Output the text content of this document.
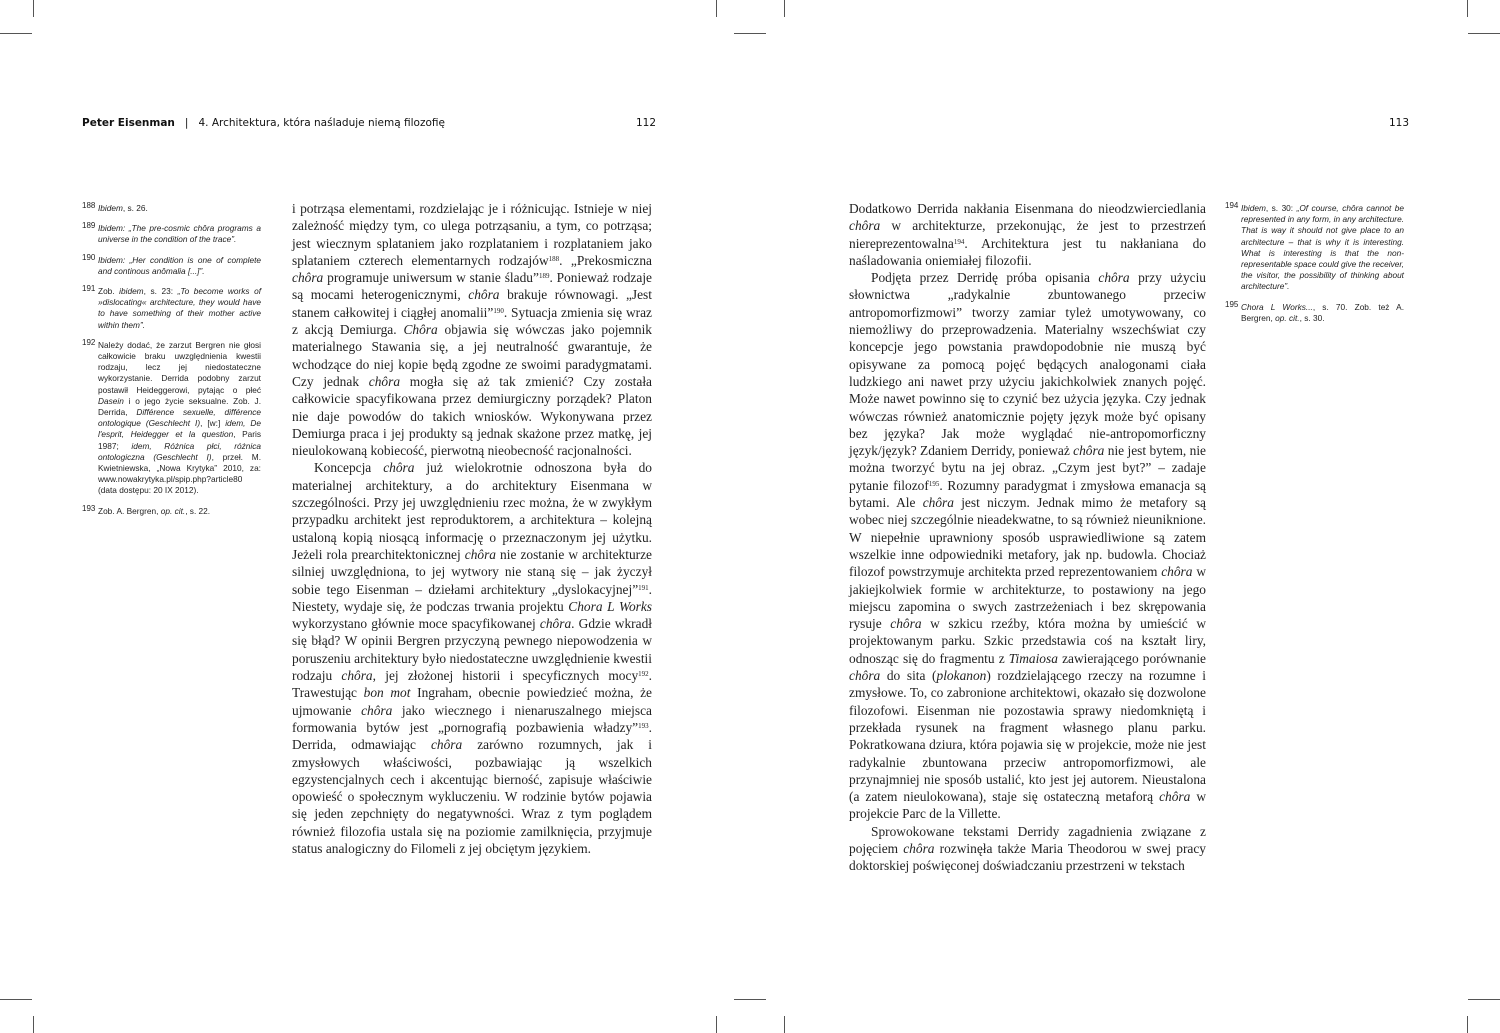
Peter Eisenman | 4. Architektura, która naśladuje niemą filozofię	112	113
188 Ibidem, s. 26.
189 Ibidem: „The pre-cosmic chôra programs a universe in the condition of the trace”.
190 Ibidem: „Her condition is one of complete and continous anômalia [...]”.
191 Zob. ibidem, s. 23: „To become works of »dislocating« architecture, they would have to have something of their mother active within them”.
192 Należy dodać, że zarzut Bergren nie głosi całkowicie braku uwzględnienia kwestii rodzaju, lecz jej niedostateczne wykorzystanie. Derrida podobny zarzut postawił Heideggerowi, pytając o płeć Dasein i o jego życie seksualne. Zob. J. Derrida, Différence sexuelle, différence ontologique (Geschlecht I), [w:] idem, De l'esprit, Heidegger et la question, Paris 1987; idem, Różnica płci, różnica ontologiczna (Geschlecht I), przeł. M. Kwietniewska, „Nowa Krytyka” 2010, za: www.nowakrytyka.pl/spip.php?article80 (data dostępu: 20 IX 2012).
193 Zob. A. Bergren, op. cit., s. 22.
194 Ibidem, s. 30: „Of course, chôra cannot be represented in any form, in any architecture. That is way it should not give place to an architecture – that is why it is interesting. What is interesting is that the non-representable space could give the receiver, the visitor, the possibility of thinking about architecture”.
195 Chora L Works..., s. 70. Zob. też A. Bergren, op. cit., s. 30.

i potrząsa elementami, rozdzielając je i różnicując. Istnieje w niej zależność między tym, co ulega potrząsaniu, a tym, co potrząsa; jest wiecznym splataniem jako rozplataniem i rozplataniem jako splataniem czterech elementarnych rodzajów$^{188}$. „Prekosmiczna chôra programuje uniwersum w stanie śladu”$^{189}$. Ponieważ rodzaje są mocami heterogenicznymi, chôra brakuje równowagi. „Jest stanem całkowitej i ciągłej anomalii”$^{190}$. Sytuacja zmienia się wraz z akcją Demiurga. Chôra objawia się wówczas jako pojemnik materialnego Stawania się, a jej neutralność gwarantuje, że wchodzące do niej kopie będą zgodne ze swoimi paradygmatami. Czy jednak chôra mogła się aż tak zmienić? Czy została całkowicie spacyfikowana przez demiurgiczny porządek? Platon nie daje powodów do takich wniosków. Wykonywana przez Demiurga praca i jej produkty są jednak skażone przez matkę, jej nieulokowaną kobiecość, pierwotną nieobecność racjonalności.

Koncepcja chôra już wielokrotnie odnoszona była do materialnej architektury, a do architektury Eisenmana w szczególności. Przy jej uwzględnieniu rzec można, że w zwykłym przypadku architekt jest reproduktorem, a architektura – kolejną ustaloną kopią niosącą informację o przeznaczonym jej użytku. Jeżeli rola prearchitektonicznej chôra nie zostanie w architekturze silniej uwzględniona, to jej wytwory nie staną się – jak życzył sobie tego Eisenman – dziełami architektury „dyslokacyjnej”$^{191}$. Niestety, wydaje się, że podczas trwania projektu Chora L Works wykorzystano głównie moce spacyfikowanej chôra. Gdzie wkradł się błąd? W opinii Bergren przyczyną pewnego niepowodzenia w poruszeniu architektury było niedostateczne uwzględnienie kwestii rodzaju chôra, jej złożonej historii i specyficznych mocy$^{192}$. Trawestując bon mot Ingraham, obecnie powiedzieć można, że ujmowanie chôra jako wiecznego i nienaruszalnego miejsca formowania bytów jest „pornografią pozbawienia władzy”$^{193}$. Derrida, odmawiając chôra zarówno rozumnych, jak i zmysłowych właściwości, pozbawiając ją wszelkich egzystencjalnych cech i akcentując bierność, zapisuje właściwie opowieść o społecznym wykluczeniu. W rodzinie bytów pojawia się jeden zepchnięty do negatywności. Wraz z tym poglądem również filozofia ustala się na poziomie zamilknięcia, przyjmuje status analogiczny do Filomeli z jej obciętym językiem.

Dodatkowo Derrida nakłania Eisenmana do nieodzwierciedlania chôra w architekturze, przekonując, że jest to przestrzeń niereprezentowalna$^{194}$. Architektura jest tu nakłaniana do naśladowania oniemiałej filozofii.

Podjęta przez Derridę próba opisania chôra przy użyciu słownictwa „radykalnie zbuntowanego przeciw antropomorfizmowi” tworzy zamiar tyleż umotywowany, co niemożliwy do przeprowadzenia. Materialny wszechświat czy koncepcje jego powstania prawdopodobnie nie muszą być opisywane za pomocą pojęć będących analogonami ciała ludzkiego ani nawet przy użyciu jakichkolwiek znanych pojęć. Może nawet powinno się to czynić bez użycia języka. Czy jednak wówczas również anatomicznie pojęty język może być opisany bez języka? Jak może wyglądać nie-antropomorficzny język/język? Zdaniem Derridy, ponieważ chôra nie jest bytem, nie można tworzyć bytu na jej obraz. „Czym jest byt?” – zadaje pytanie filozof$^{195}$. Rozumny paradygmat i zmysłowa emanacja są bytami. Ale chôra jest niczym. Jednak mimo że metafory są wobec niej szczególnie nieadekwatne, to są również nieuniknione. W niepełnie uprawniony sposób usprawiedliwione są zatem wszelkie inne odpowiedniki metafory, jak np. budowla. Chociaż filozof powstrzymuje architekta przed reprezentowaniem chôra w jakiejkolwiek formie w architekturze, to postawiony na jego miejscu zapomina o swych zastrzeżeniach i bez skrępowania rysuje chôra w szkicu rzeźby, która można by umieścić w projektowanym parku. Szkic przedstawia coś na kształt liry, odnosząc się do fragmentu z Timaiosa zawierającego porównanie chôra do sita (plokanon) rozdzielającego rzeczy na rozumne i zmysłowe. To, co zabronione architektowi, okazało się dozwolone filozofowi. Eisenman nie pozostawia sprawy niedomkniętą i przekłada rysunek na fragment własnego planu parku. Pokratkowana dziura, która pojawia się w projekcie, może nie jest radykalnie zbuntowana przeciw antropomorfizmowi, ale przynajmniej nie sposób ustalić, kto jest jej autorem. Nieustalona (a zatem nieulokowana), staje się ostateczną metaforą chôra w projekcie Parc de la Villette.

Sprowokowane tekstami Derridy zagadnienia związane z pojęciem chôra rozwinęła także Maria Theodorou w swej pracy doktorskiej poświęconej doświadczaniu przestrzeni w tekstach
